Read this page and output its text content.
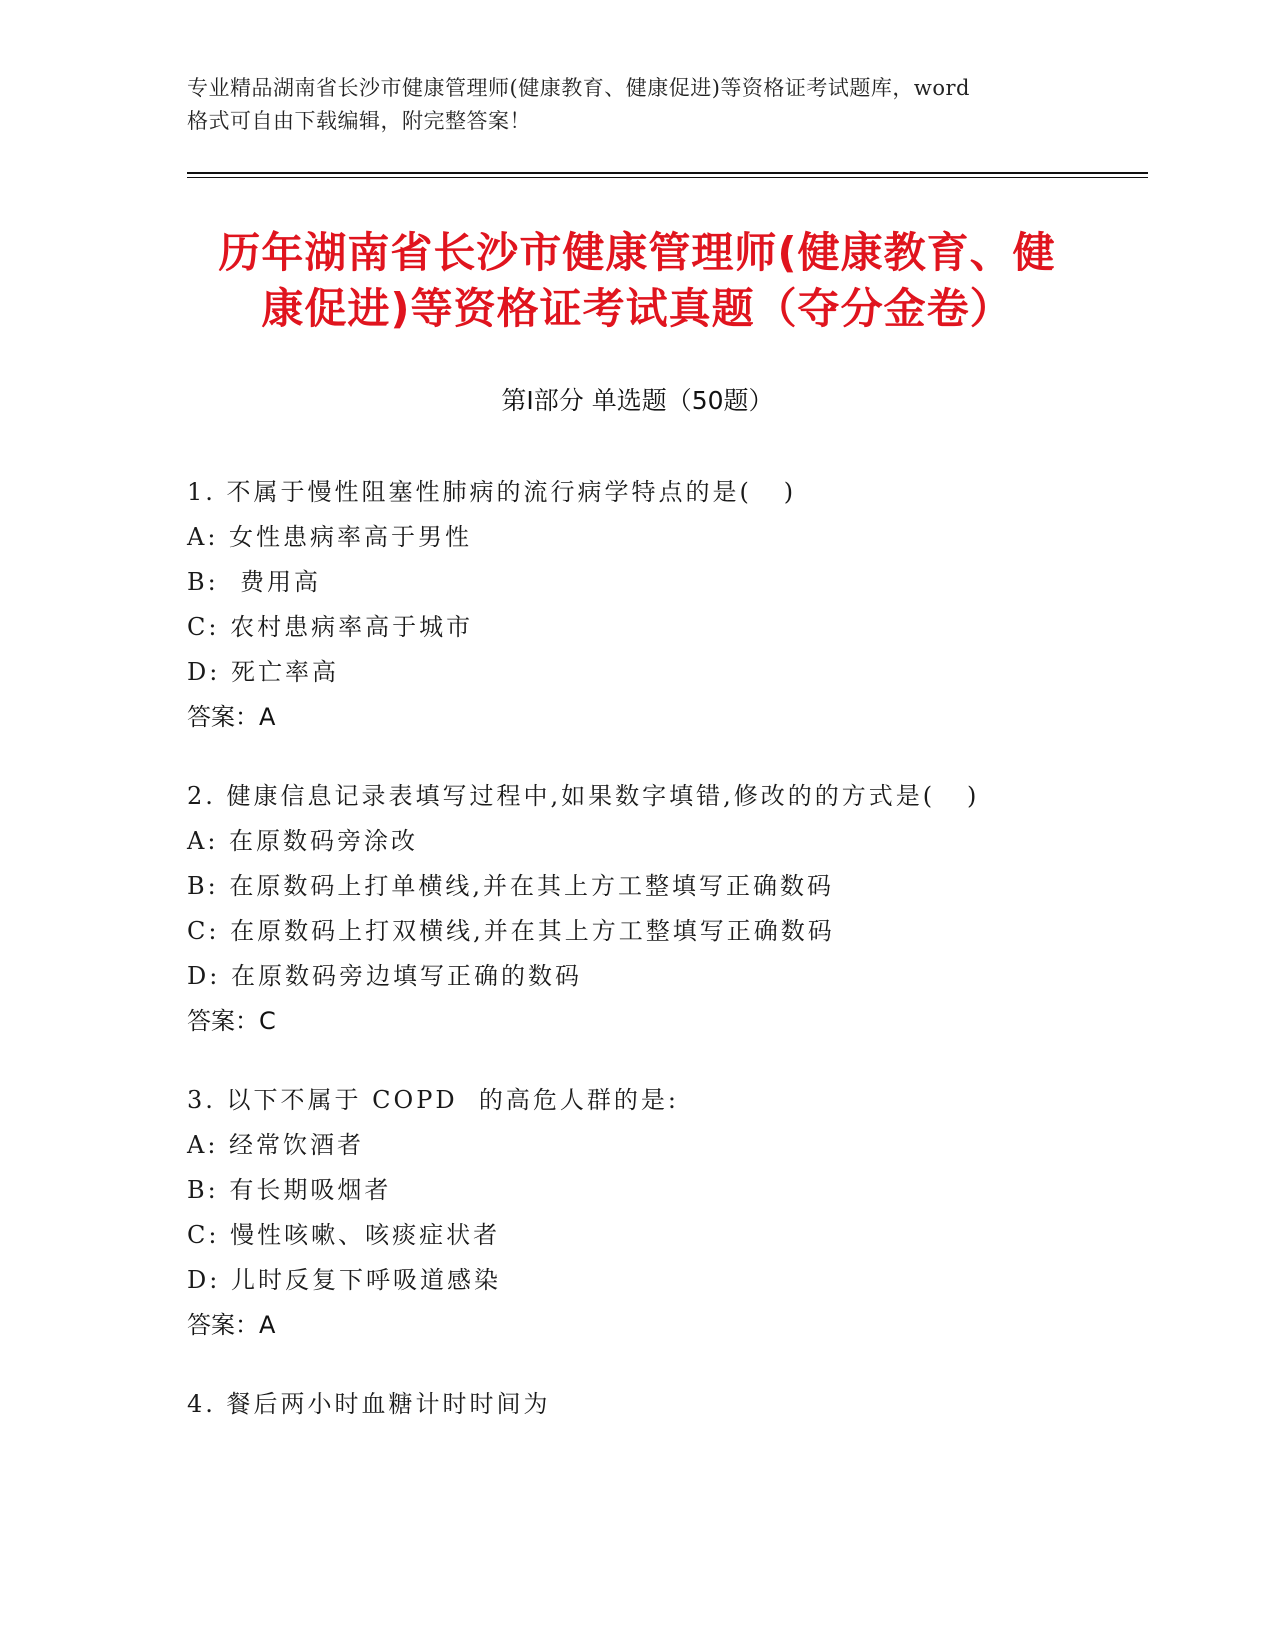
专业精品湖南省长沙市健康管理师(健康教育、健康促进)等资格证考试题库，word
格式可自由下载编辑，附完整答案！
历年湖南省长沙市健康管理师(健康教育、健
康促进)等资格证考试真题（夺分金卷）
第Ⅰ部分 单选题（50题）
1. 不属于慢性阻塞性肺病的流行病学特点的是(   )
A: 女性患病率高于男性
B:  费用高
C: 农村患病率高于城市
D: 死亡率高
答案：A
2. 健康信息记录表填写过程中,如果数字填错,修改的的方式是(   )
A: 在原数码旁涂改
B: 在原数码上打单横线,并在其上方工整填写正确数码
C: 在原数码上打双横线,并在其上方工整填写正确数码
D: 在原数码旁边填写正确的数码
答案：C
3. 以下不属于 COPD  的高危人群的是:
A: 经常饮酒者
B: 有长期吸烟者
C: 慢性咳嗽、咳痰症状者
D: 儿时反复下呼吸道感染
答案：A
4. 餐后两小时血糖计时时间为
